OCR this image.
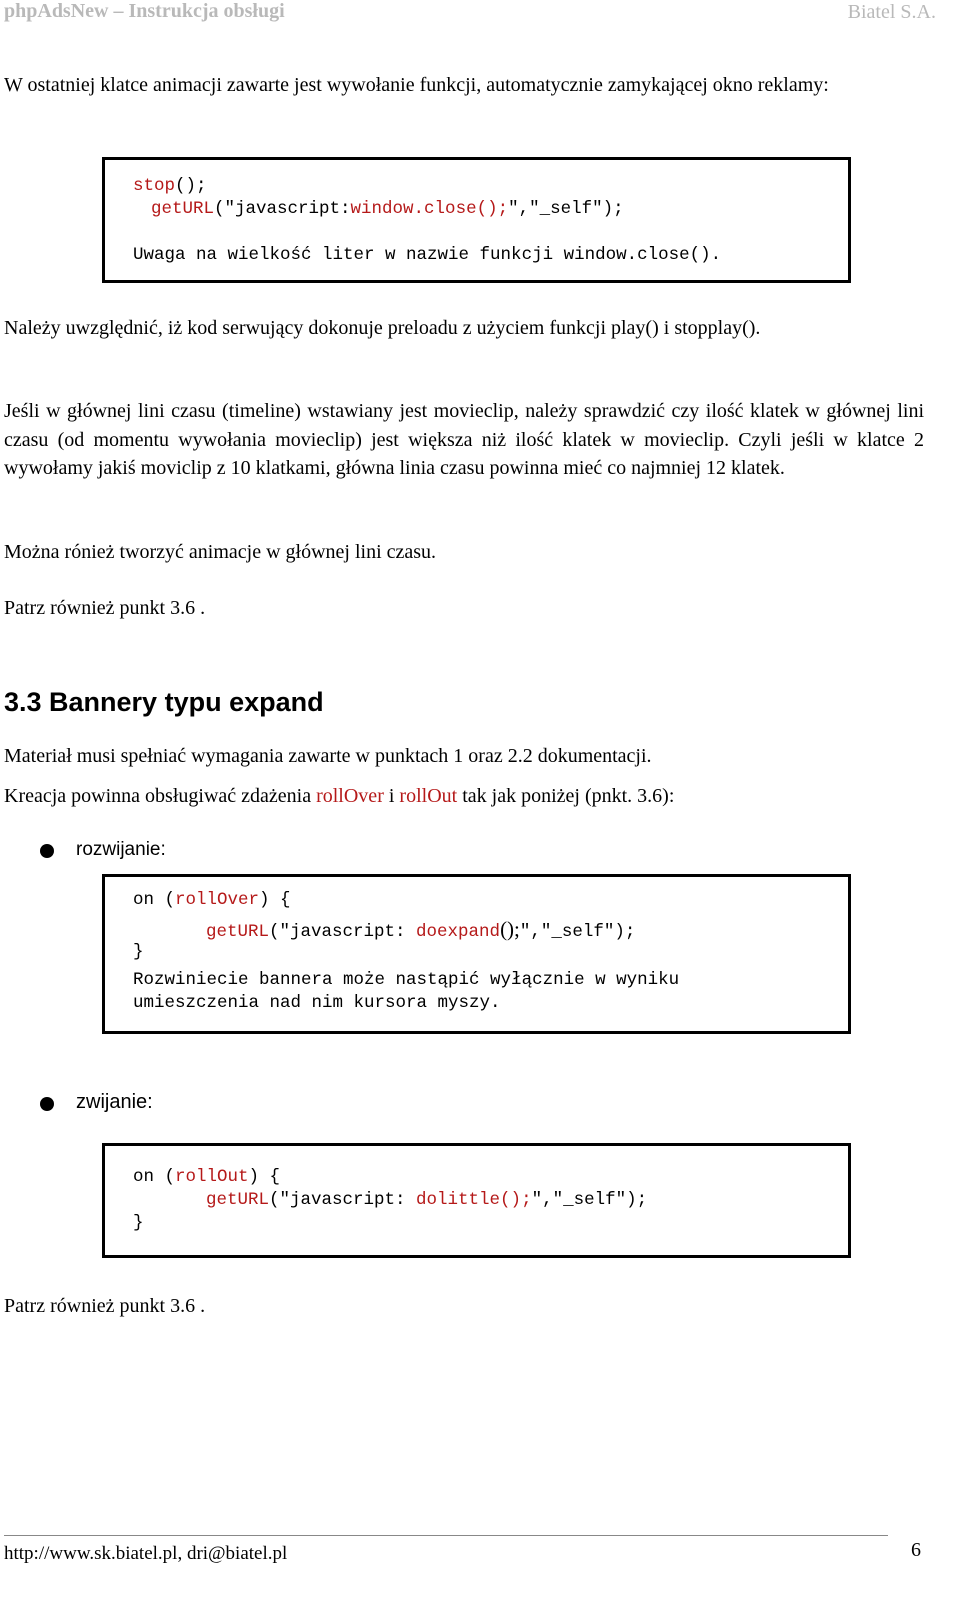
phpAdsNew – Instrukcja obsługi	Biatel S.A.
W ostatniej klatce animacji zawarte jest wywołanie funkcji, automatycznie zamykającej okno reklamy:
stop();
getURL("javascript:window.close();","_self");
Uwaga na wielkość liter w nazwie funkcji window.close().
Należy uwzględnić, iż kod serwujący dokonuje preloadu z użyciem funkcji play() i stopplay().
Jeśli w głównej lini czasu (timeline) wstawiany jest movieclip, należy sprawdzić czy ilość klatek w głównej lini czasu (od momentu wywołania movieclip) jest większa niż ilość klatek w movieclip. Czyli jeśli w klatce 2 wywołamy jakiś moviclip z 10 klatkami, główna linia czasu powinna mieć co najmniej 12 klatek.
Można rónież tworzyć animacje w głównej lini czasu.
Patrz również punkt 3.6 .
3.3 Bannery typu expand
Materiał musi spełniać wymagania zawarte w punktach 1 oraz 2.2 dokumentacji.
Kreacja powinna obsługiwać zdażenia rollOver i rollOut tak jak poniżej (pnkt. 3.6):
rozwijanie:
on (rollOver) {
getURL("javascript: doexpand();","_self");
}
Rozwiniecie bannera może nastąpić wyłącznie w wyniku
umieszczenia nad nim kursora myszy.
zwijanie:
on (rollOut) {
getURL("javascript: dolittle();","_self");
}
Patrz również punkt 3.6 .
http://www.sk.biatel.pl, dri@biatel.pl	6
